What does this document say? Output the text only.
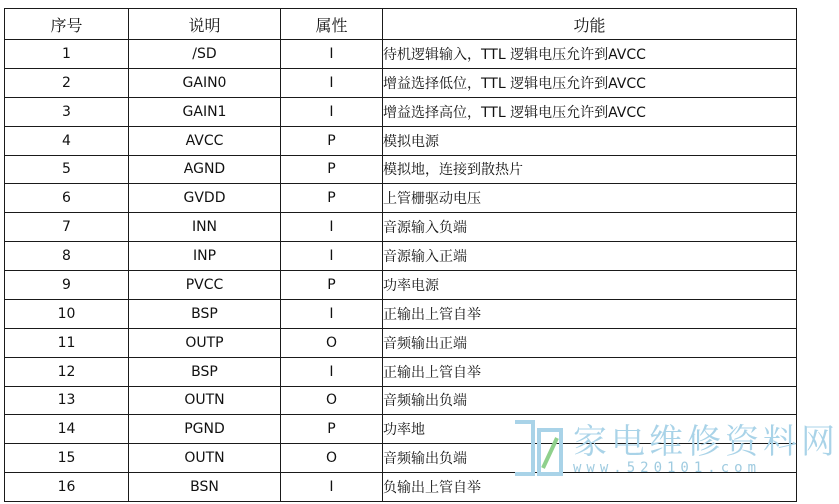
序号	说明	属性	功能
1	/SD	I	待机逻辑输入，TTL 逻辑电压允许到AVCC
2	GAIN0	I	增益选择低位，TTL 逻辑电压允许到AVCC
3	GAIN1	I	增益选择高位，TTL 逻辑电压允许到AVCC
4	AVCC	P	模拟电源
5	AGND	P	模拟地，连接到散热片
6	GVDD	P	上管栅驱动电压
7	INN	I	音源输入负端
8	INP	I	音源输入正端
9	PVCC	P	功率电源
10	BSP	I	正输出上管自举
11	OUTP	O	音频输出正端
12	BSP	I	正输出上管自举
13	OUTN	O	音频输出负端
14	PGND	P	功率地
15	OUTN	O	音频输出负端
16	BSN	I	负输出上管自举
家电维修资料网
www.520101.com
